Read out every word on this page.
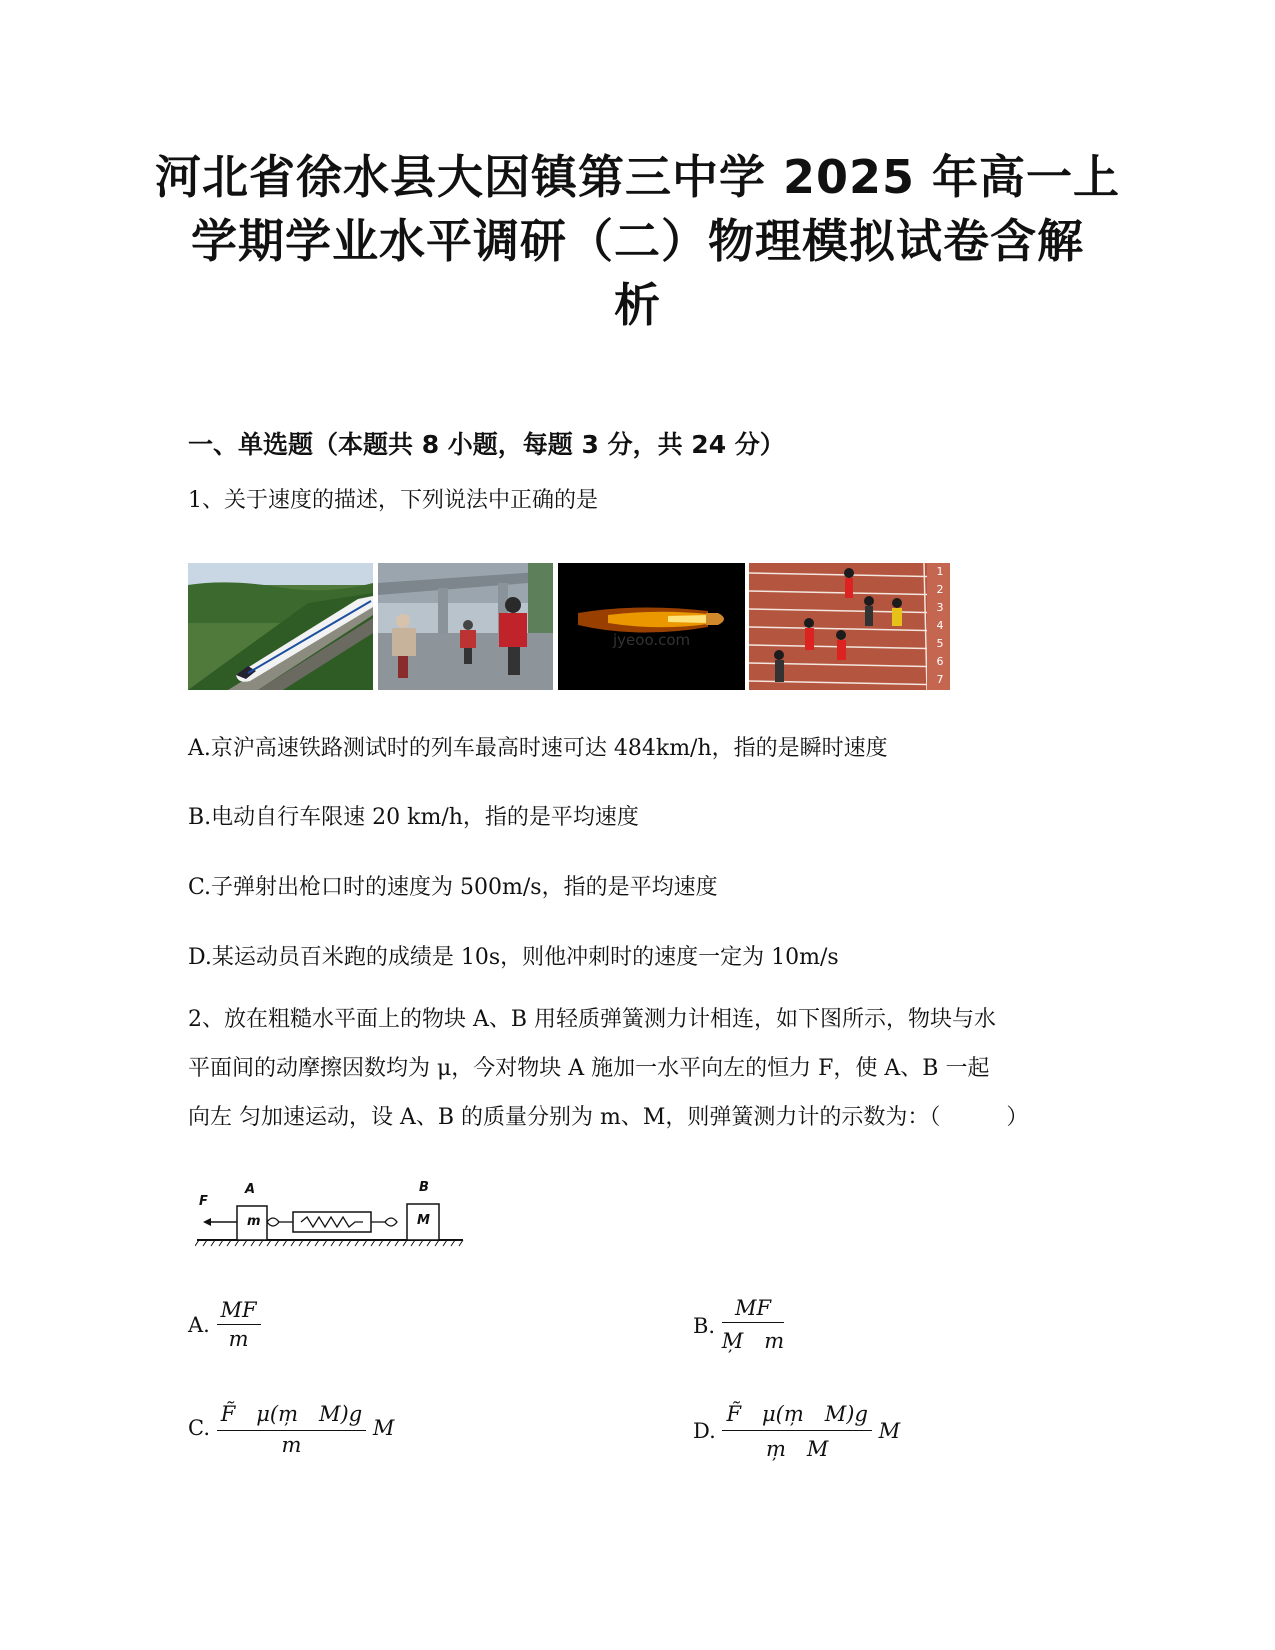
河北省徐水县大因镇第三中学 2025 年高一上
学期学业水平调研（二）物理模拟试卷含解
析
一、单选题（本题共 8 小题，每题 3 分，共 24 分）
1、关于速度的描述，下列说法中正确的是
jyeoo.com
1
2
3
4
5
6
7
A.京沪高速铁路测试时的列车最高时速可达 484km/h，指的是瞬时速度
B.电动自行车限速 20 km/h，指的是平均速度
C.子弹射出枪口时的速度为 500m/s，指的是平均速度
D.某运动员百米跑的成绩是 10s，则他冲刺时的速度一定为 10m/s
2、放在粗糙水平面上的物块 A、B 用轻质弹簧测力计相连，如下图所示，物块与水
平面间的动摩擦因数均为 μ，今对物块 A 施加一水平向左的恒力 F，使 A、B 一起
向左 匀加速运动，设 A、B 的质量分别为 m、M，则弹簧测力计的示数为：（　　　）
F
A
m
B
M
A. $\frac{MF}{m}$	B. $\frac{MF}{M̦ m}$
C. $\frac{F̃ \mu(m̦ M)g}{m}$ M	D. $\frac{F̃ \mu(m̦ M)g}{m̦ M}$ M
